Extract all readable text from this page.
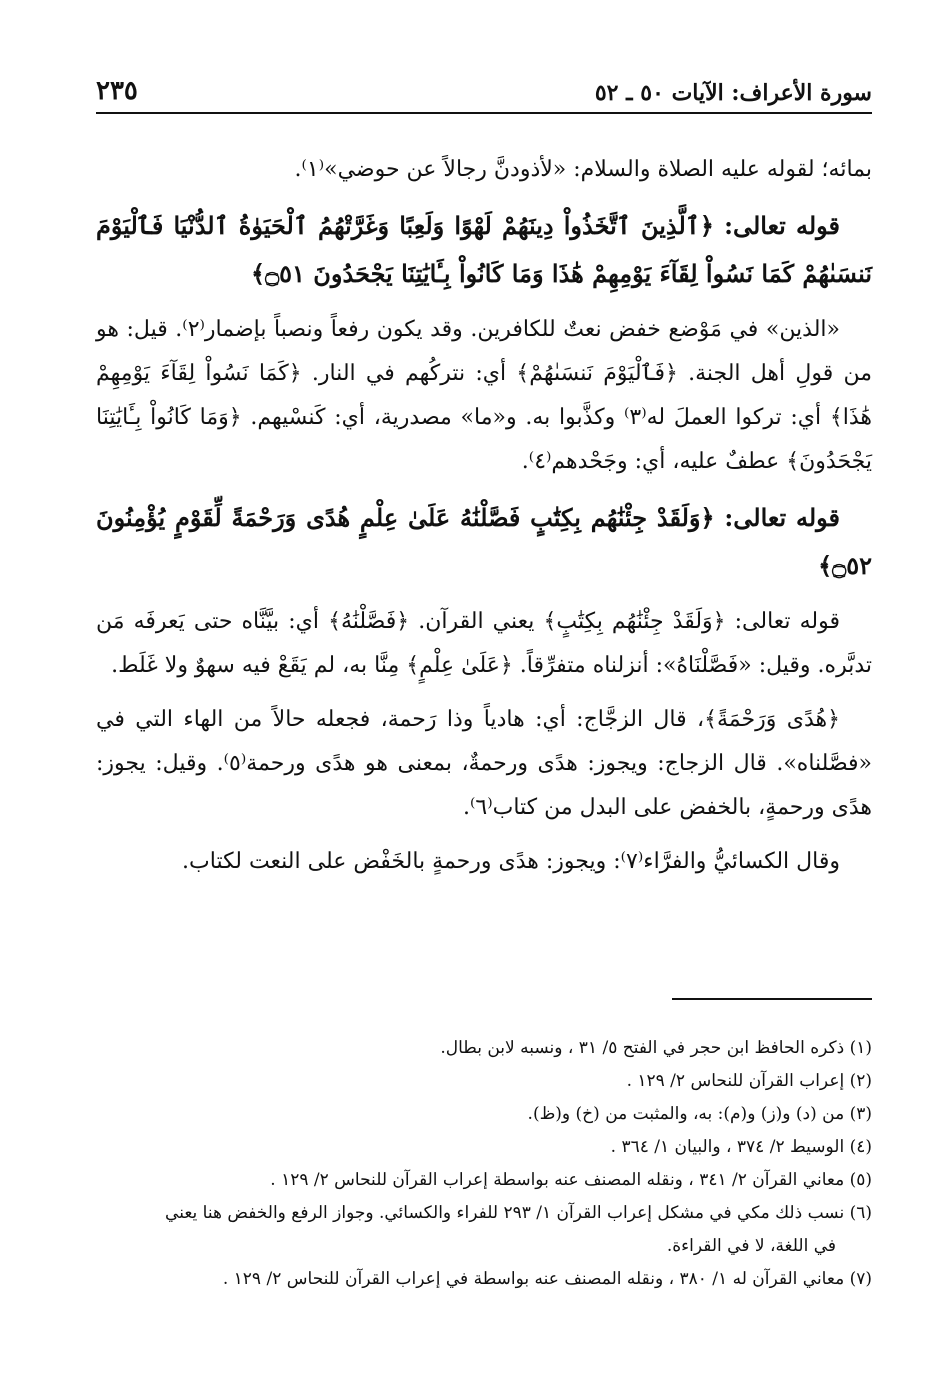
سورة الأعراف: الآيات ٥٠ ـ ٥٢
٢٣٥

بمائه؛ لقوله عليه الصلاة والسلام: «لأذودنَّ رجالاً عن حوضي»⁽١⁾.

قوله تعالى: ﴿ٱلَّذِينَ ٱتَّخَذُواْ دِينَهُمْ لَهْوًا وَلَعِبًا وَغَرَّتْهُمُ ٱلْحَيَوٰةُ ٱلدُّنْيَا فَٱلْيَوْمَ نَنسَىٰهُمْ كَمَا نَسُواْ لِقَآءَ يَوْمِهِمْ هَٰذَا وَمَا كَانُواْ بِـَٔايَٰتِنَا يَجْحَدُونَ ۝٥١﴾

«الذين» في مَوْضع خفض نعتٌ للكافرين. وقد يكون رفعاً ونصباً بإضمار⁽٢⁾. قيل: هو من قولِ أهل الجنة. ﴿فَٱلْيَوْمَ نَنسَىٰهُمْ﴾ أي: نتركُهم في النار. ﴿كَمَا نَسُواْ لِقَآءَ يَوْمِهِمْ هَٰذَا﴾ أي: تركوا العملَ له⁽٣⁾ وكذَّبوا به. و«ما» مصدرية، أي: كَنسْيهم. ﴿وَمَا كَانُواْ بِـَٔايَٰتِنَا يَجْحَدُونَ﴾ عطفٌ عليه، أي: وجَحْدهم⁽٤⁾.

قوله تعالى: ﴿وَلَقَدْ جِئْنَٰهُم بِكِتَٰبٍ فَصَّلْنَٰهُ عَلَىٰ عِلْمٍ هُدًى وَرَحْمَةً لِّقَوْمٍ يُؤْمِنُونَ ۝٥٢﴾

قوله تعالى: ﴿وَلَقَدْ جِئْنَٰهُم بِكِتَٰبٍ﴾ يعني القرآن. ﴿فَصَّلْنَٰهُ﴾ أي: بيَّنَّاه حتى يَعرفَه مَن تدبَّره. وقيل: «فَصَّلْنَاهُ»: أنزلناه متفرِّقاً. ﴿عَلَىٰ عِلْمٍ﴾ مِنَّا به، لم يَقَعْ فيه سهوٌ ولا غَلَط.

﴿هُدًى وَرَحْمَةً﴾، قال الزجَّاج: أي: هادياً وذا رَحمة، فجعله حالاً من الهاء التي في «فصَّلناه». قال الزجاج: ويجوز: هدًى ورحمةٌ، بمعنى هو هدًى ورحمة⁽٥⁾. وقيل: يجوز: هدًى ورحمةٍ، بالخفض على البدل من كتاب⁽٦⁾.

وقال الكسائيُّ والفرَّاء⁽٧⁾: ويجوز: هدًى ورحمةٍ بالخَفْض على النعت لكتاب.

(١) ذكره الحافظ ابن حجر في الفتح ٥/ ٣١ ، ونسبه لابن بطال.

(٢) إعراب القرآن للنحاس ٢/ ١٢٩ .

(٣) من (د) و(ز) و(م): به، والمثبت من (خ) و(ظ).

(٤) الوسيط ٢/ ٣٧٤ ، والبيان ١/ ٣٦٤ .

(٥) معاني القرآن ٢/ ٣٤١ ، ونقله المصنف عنه بواسطة إعراب القرآن للنحاس ٢/ ١٢٩ .

(٦) نسب ذلك مكي في مشكل إعراب القرآن ١/ ٢٩٣ للفراء والكسائي. وجواز الرفع والخفض هنا يعني

في اللغة، لا في القراءة.

(٧) معاني القرآن له ١/ ٣٨٠ ، ونقله المصنف عنه بواسطة في إعراب القرآن للنحاس ٢/ ١٢٩ .
